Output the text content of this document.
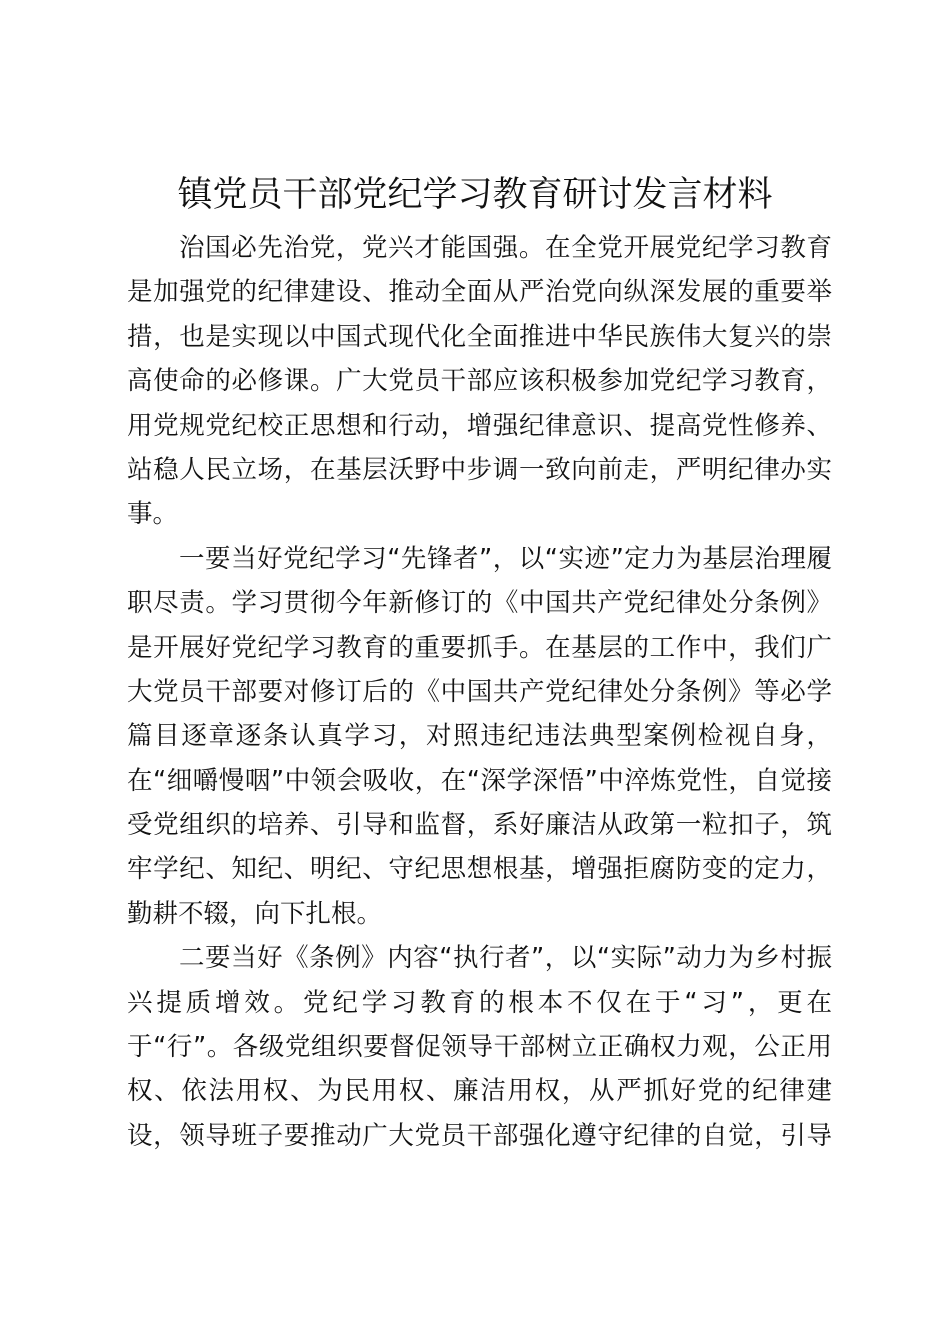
镇党员干部党纪学习教育研讨发言材料
治国必先治党，党兴才能国强。在全党开展党纪学习教育
是加强党的纪律建设、推动全面从严治党向纵深发展的重要举
措，也是实现以中国式现代化全面推进中华民族伟大复兴的崇
高使命的必修课。广大党员干部应该积极参加党纪学习教育，
用党规党纪校正思想和行动，增强纪律意识、提高党性修养、
站稳人民立场，在基层沃野中步调一致向前走，严明纪律办实
事。
一要当好党纪学习“先锋者”，以“实迹”定力为基层治理履
职尽责。学习贯彻今年新修订的《中国共产党纪律处分条例》
是开展好党纪学习教育的重要抓手。在基层的工作中，我们广
大党员干部要对修订后的《中国共产党纪律处分条例》等必学
篇目逐章逐条认真学习，对照违纪违法典型案例检视自身，
在“细嚼慢咽”中领会吸收，在“深学深悟”中淬炼党性，自觉接
受党组织的培养、引导和监督，系好廉洁从政第一粒扣子，筑
牢学纪、知纪、明纪、守纪思想根基，增强拒腐防变的定力，
勤耕不辍，向下扎根。
二要当好《条例》内容“执行者”，以“实际”动力为乡村振
兴提质增效。党纪学习教育的根本不仅在于“习”，更在
于“行”。各级党组织要督促领导干部树立正确权力观，公正用
权、依法用权、为民用权、廉洁用权，从严抓好党的纪律建
设，领导班子要推动广大党员干部强化遵守纪律的自觉，引导
